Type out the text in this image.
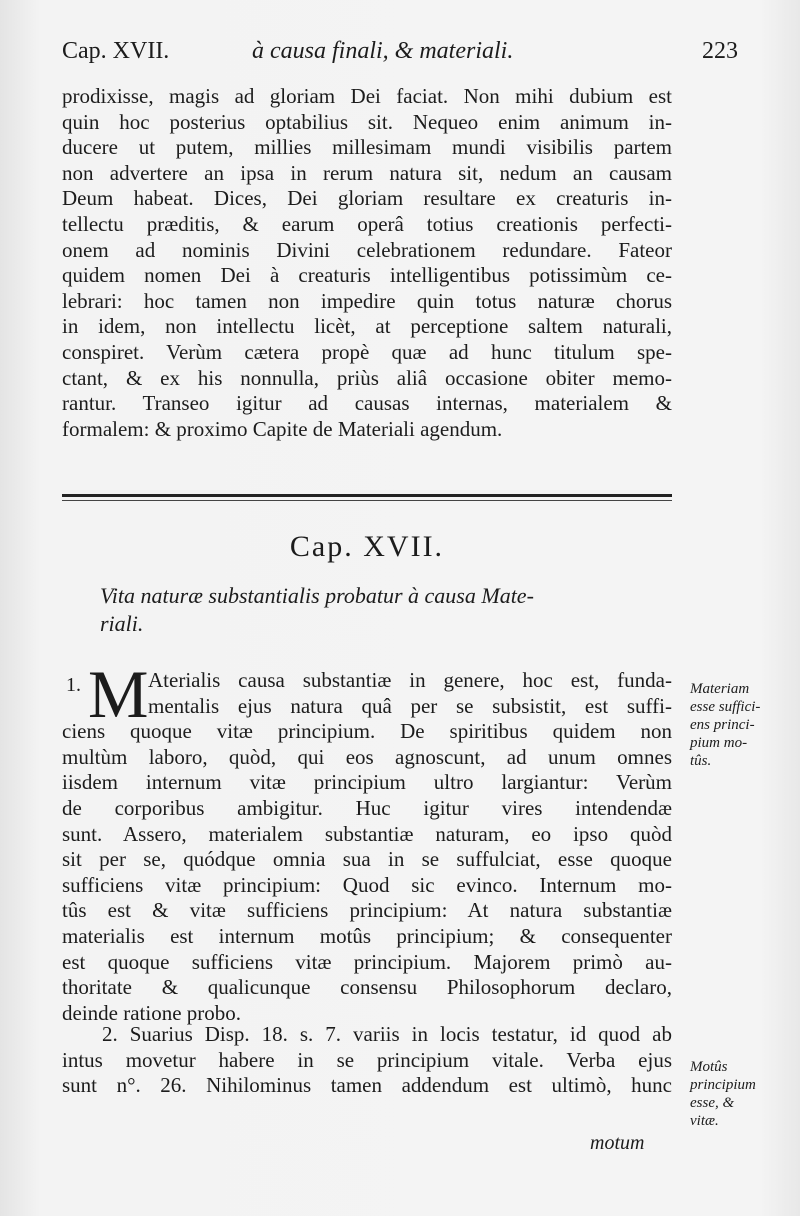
Cap. XVII.	à causa finali, & materiali.	223
prodixisse, magis ad gloriam Dei faciat. Non mihi dubium est
quin hoc posterius optabilius sit. Nequeo enim animum in-
ducere ut putem, millies millesimam mundi visibilis partem
non advertere an ipsa in rerum natura sit, nedum an causam
Deum habeat. Dices, Dei gloriam resultare ex creaturis in-
tellectu præditis, & earum operâ totius creationis perfecti-
onem ad nominis Divini celebrationem redundare. Fateor
quidem nomen Dei à creaturis intelligentibus potissimùm ce-
lebrari: hoc tamen non impedire quin totus naturæ chorus
in idem, non intellectu licèt, at perceptione saltem naturali,
conspiret. Verùm cætera propè quæ ad hunc titulum spe-
ctant, & ex his nonnulla, priùs aliâ occasione obiter memo-
rantur. Transeo igitur ad causas internas, materialem &
formalem: & proximo Capite de Materiali agendum.
Cap. XVII.
Vita naturæ substantialis probatur à causa Mate-
riali.
1. M Aterialis causa substantiæ in genere, hoc est, funda-
mentalis ejus natura quâ per se subsistit, est suffi-
ciens quoque vitæ principium. De spiritibus quidem non
multùm laboro, quòd, qui eos agnoscunt, ad unum omnes
iisdem internum vitæ principium ultro largiantur: Verùm
de corporibus ambigitur. Huc igitur vires intendendæ
sunt. Assero, materialem substantiæ naturam, eo ipso quòd
sit per se, quódque omnia sua in se suffulciat, esse quoque
sufficiens vitæ principium: Quod sic evinco. Internum mo-
tûs est & vitæ sufficiens principium: At natura substantiæ
materialis est internum motûs principium; & consequenter
est quoque sufficiens vitæ principium. Majorem primò au-
thoritate & qualicunque consensu Philosophorum declaro,
deinde ratione probo.
2. Suarius Disp. 18. s. 7. variis in locis testatur, id quod ab
intus movetur habere in se principium vitale. Verba ejus
sunt n°. 26. Nihilominus tamen addendum est ultimò, hunc
motum
Materiam
esse suffici-
ens princi-
pium mo-
tûs.
Motûs
principium
esse, &
vitæ.
